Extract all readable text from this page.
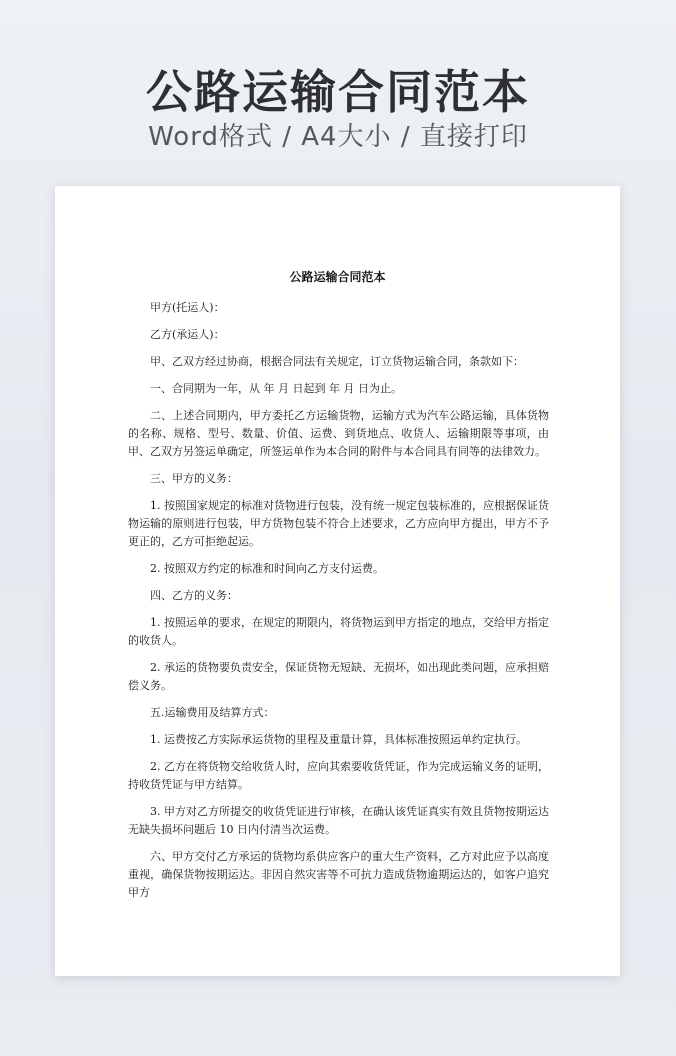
公路运输合同范本
Word格式 / A4大小 / 直接打印
公路运输合同范本

甲方(托运人)：

乙方(承运人)：

甲、乙双方经过协商，根据合同法有关规定，订立货物运输合同，条款如下：

一、合同期为一年，从 年 月 日起到 年 月 日为止。

二、上述合同期内，甲方委托乙方运输货物，运输方式为汽车公路运输，具体货物的名称、规格、型号、数量、价值、运费、到货地点、收货人、运输期限等事项，由甲、乙双方另签运单确定，所签运单作为本合同的附件与本合同具有同等的法律效力。

三、甲方的义务：

1. 按照国家规定的标准对货物进行包装，没有统一规定包装标准的，应根据保证货物运输的原则进行包装，甲方货物包装不符合上述要求，乙方应向甲方提出，甲方不予更正的，乙方可拒绝起运。

2. 按照双方约定的标准和时间向乙方支付运费。

四、乙方的义务：

1. 按照运单的要求，在规定的期限内，将货物运到甲方指定的地点，交给甲方指定的收货人。

2. 承运的货物要负责安全，保证货物无短缺、无损坏，如出现此类问题，应承担赔偿义务。

五.运输费用及结算方式：

1. 运费按乙方实际承运货物的里程及重量计算，具体标准按照运单约定执行。

2. 乙方在将货物交给收货人时，应向其索要收货凭证，作为完成运输义务的证明，持收货凭证与甲方结算。

3. 甲方对乙方所提交的收货凭证进行审核，在确认该凭证真实有效且货物按期运达无缺失损坏问题后 10 日内付清当次运费。

六、甲方交付乙方承运的货物均系供应客户的重大生产资料，乙方对此应予以高度重视，确保货物按期运达。非因自然灾害等不可抗力造成货物逾期运达的，如客户追究甲方
